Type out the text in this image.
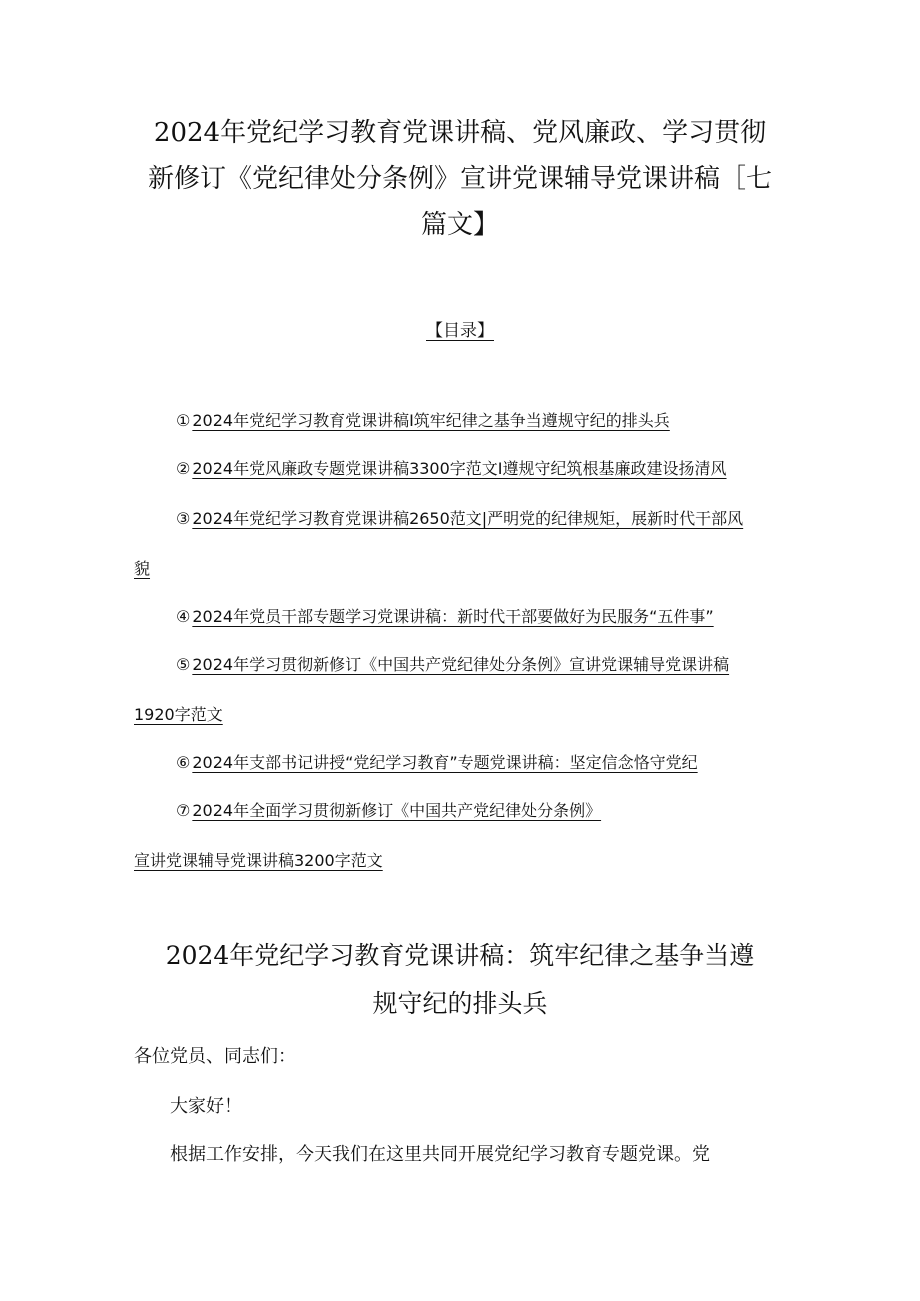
2024年党纪学习教育党课讲稿、党风廉政、学习贯彻
新修订《党纪律处分条例》宣讲党课辅导党课讲稿［七
篇文】
【目录】
① 2024年党纪学习教育党课讲稿Ⅰ筑牢纪律之基争当遵规守纪的排头兵
② 2024年党风廉政专题党课讲稿3300字范文Ⅰ遵规守纪筑根基廉政建设扬清风
③ 2024年党纪学习教育党课讲稿2650范文|严明党的纪律规矩，展新时代干部风
貌
④ 2024年党员干部专题学习党课讲稿：新时代干部要做好为民服务“五件事”
⑤ 2024年学习贯彻新修订《中国共产党纪律处分条例》宣讲党课辅导党课讲稿
1920字范文
⑥ 2024年支部书记讲授“党纪学习教育”专题党课讲稿：坚定信念恪守党纪
⑦ 2024年全面学习贯彻新修订《中国共产党纪律处分条例》
宣讲党课辅导党课讲稿3200字范文
2024年党纪学习教育党课讲稿：筑牢纪律之基争当遵
规守纪的排头兵

各位党员、同志们：

大家好！

根据工作安排，今天我们在这里共同开展党纪学习教育专题党课。党
